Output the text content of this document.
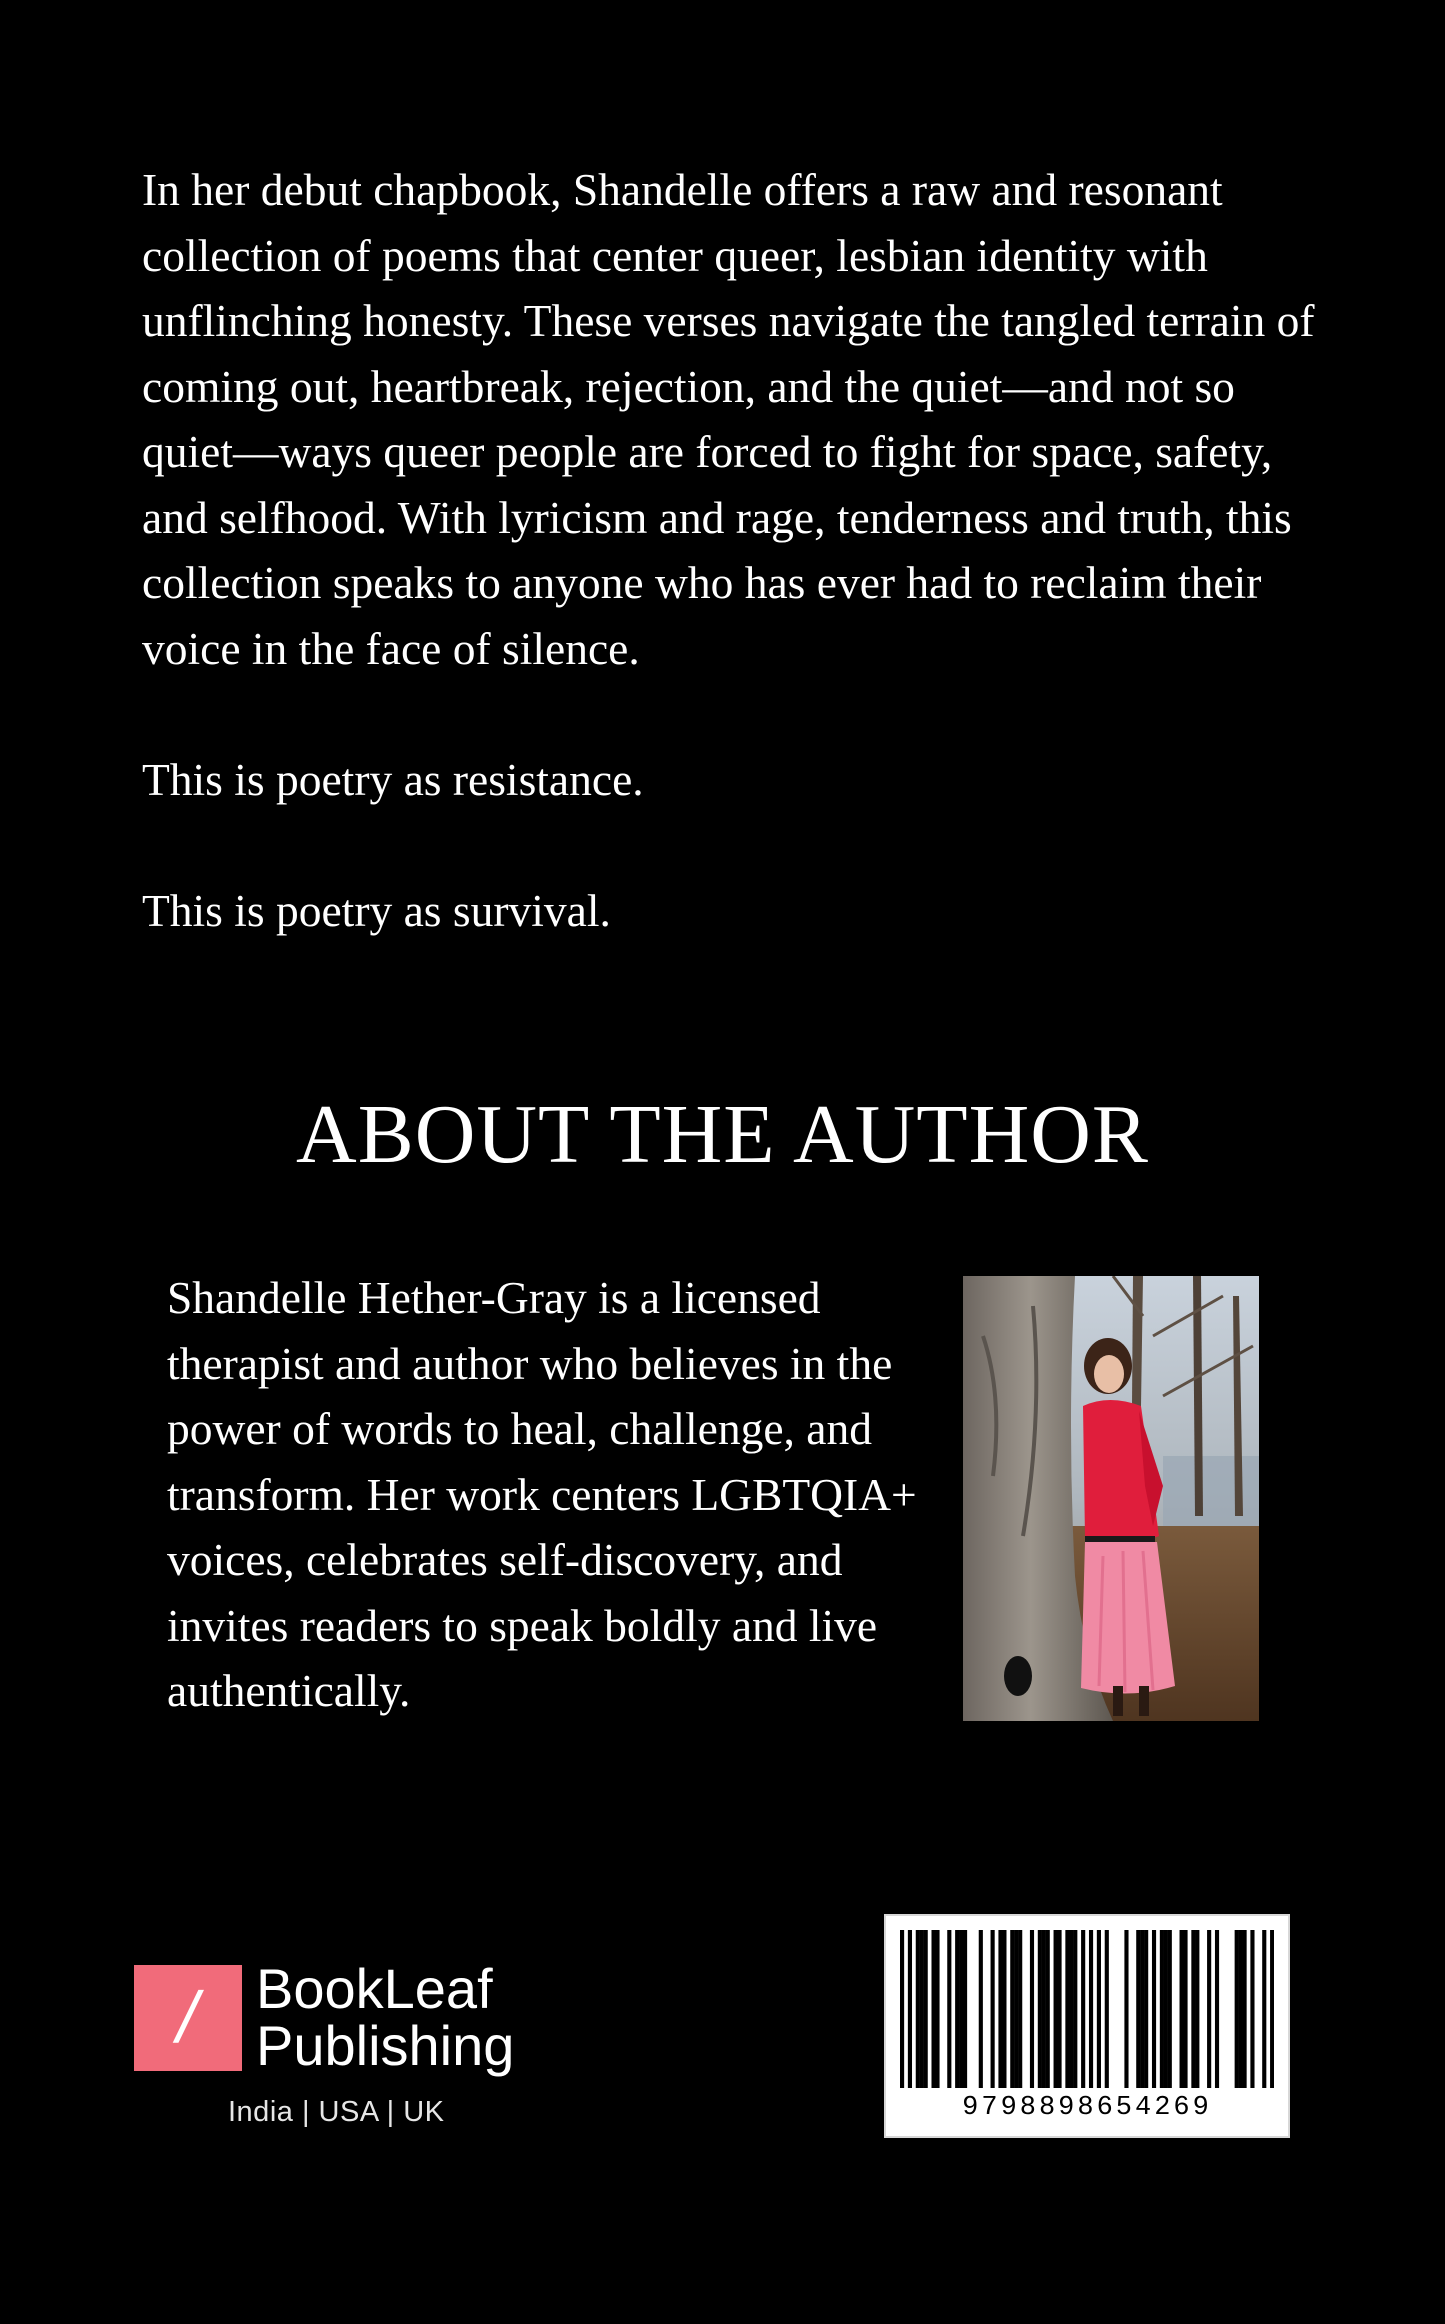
In her debut chapbook, Shandelle offers a raw and resonant collection of poems that center queer, lesbian identity with unflinching honesty. These verses navigate the tangled terrain of coming out, heartbreak, rejection, and the quiet—and not so quiet—ways queer people are forced to fight for space, safety, and selfhood. With lyricism and rage, tenderness and truth, this collection speaks to anyone who has ever had to reclaim their voice in the face of silence.

This is poetry as resistance.

This is poetry as survival.

ABOUT THE AUTHOR
Shandelle Hether-Gray is a licensed therapist and author who believes in the power of words to heal, challenge, and transform. Her work centers LGBTQIA+ voices, celebrates self-discovery, and invites readers to speak boldly and live authentically.
/ BookLeaf
Publishing
India | USA | UK	9798898654269
